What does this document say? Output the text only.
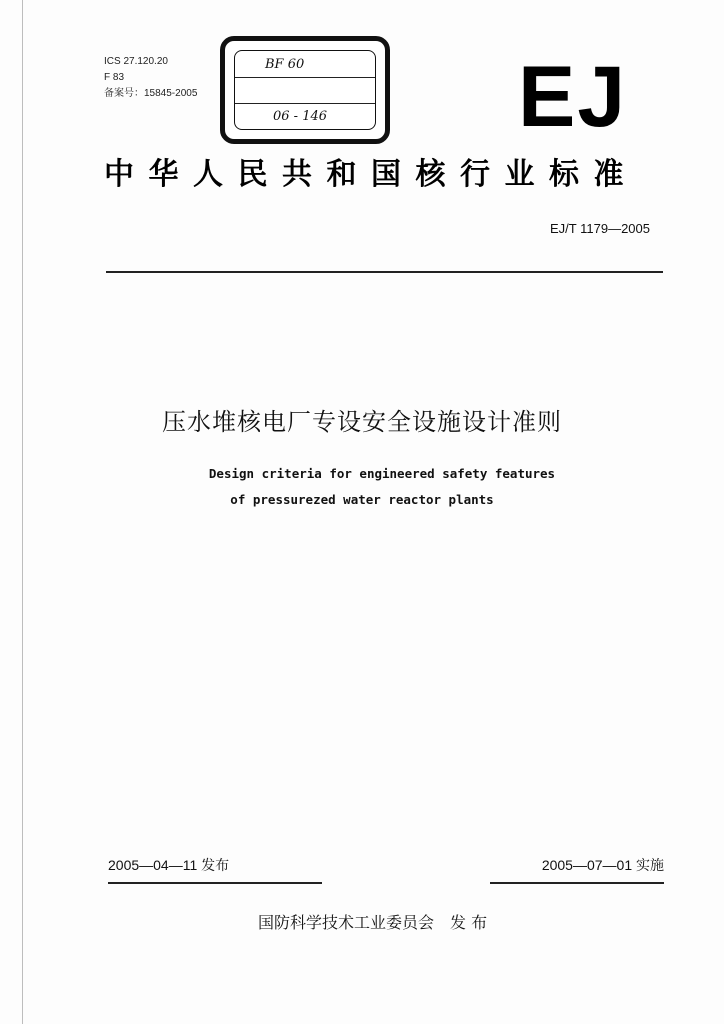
ICS 27.120.20
F 83
备案号：15845-2005
BF 60
06 - 146 EJ
中华人民共和国核行业标准
EJ/T 1179—2005
压水堆核电厂专设安全设施设计准则
Design criteria for engineered safety features
of pressurezed water reactor plants
2005—04—11 发布	2005—07—01 实施
国防科学技术工业委员会 发 布
